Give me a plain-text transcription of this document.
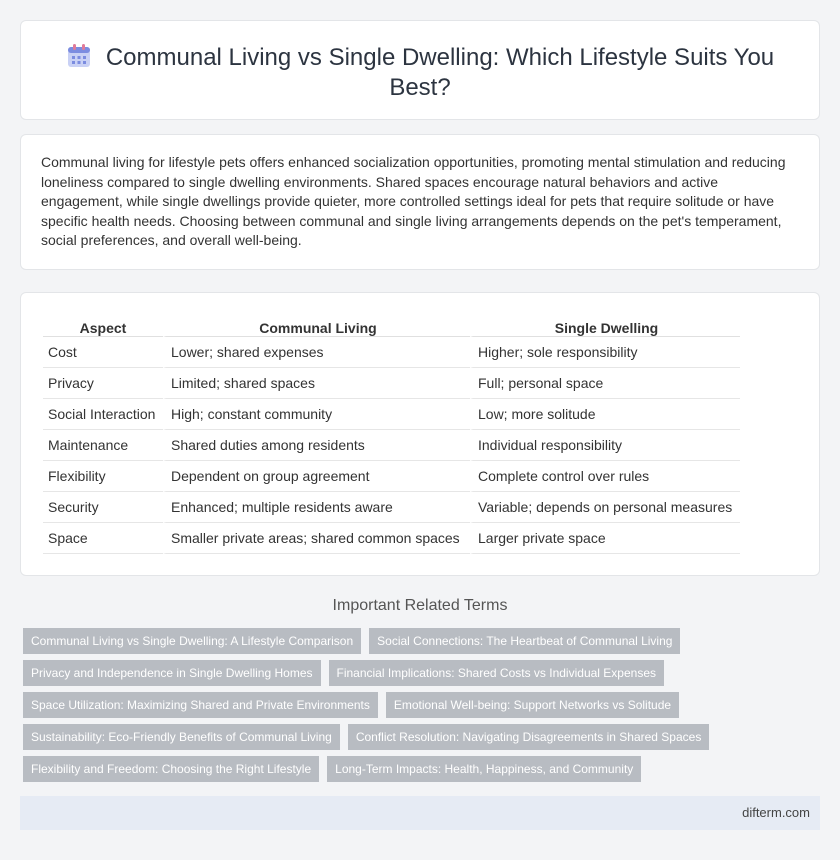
Communal Living vs Single Dwelling: Which Lifestyle Suits You Best?

Communal living for lifestyle pets offers enhanced socialization opportunities, promoting mental stimulation and reducing loneliness compared to single dwelling environments. Shared spaces encourage natural behaviors and active engagement, while single dwellings provide quieter, more controlled settings ideal for pets that require solitude or have specific health needs. Choosing between communal and single living arrangements depends on the pet's temperament, social preferences, and overall well-being.

Aspect	Communal Living	Single Dwelling
Cost	Lower; shared expenses	Higher; sole responsibility
Privacy	Limited; shared spaces	Full; personal space
Social Interaction	High; constant community	Low; more solitude
Maintenance	Shared duties among residents	Individual responsibility
Flexibility	Dependent on group agreement	Complete control over rules
Security	Enhanced; multiple residents aware	Variable; depends on personal measures
Space	Smaller private areas; shared common spaces	Larger private space
Important Related Terms
Communal Living vs Single Dwelling: A Lifestyle Comparison	Social Connections: The Heartbeat of Communal Living
Privacy and Independence in Single Dwelling Homes	Financial Implications: Shared Costs vs Individual Expenses
Space Utilization: Maximizing Shared and Private Environments	Emotional Well-being: Support Networks vs Solitude
Sustainability: Eco-Friendly Benefits of Communal Living	Conflict Resolution: Navigating Disagreements in Shared Spaces
Flexibility and Freedom: Choosing the Right Lifestyle	Long-Term Impacts: Health, Happiness, and Community
difterm.com
